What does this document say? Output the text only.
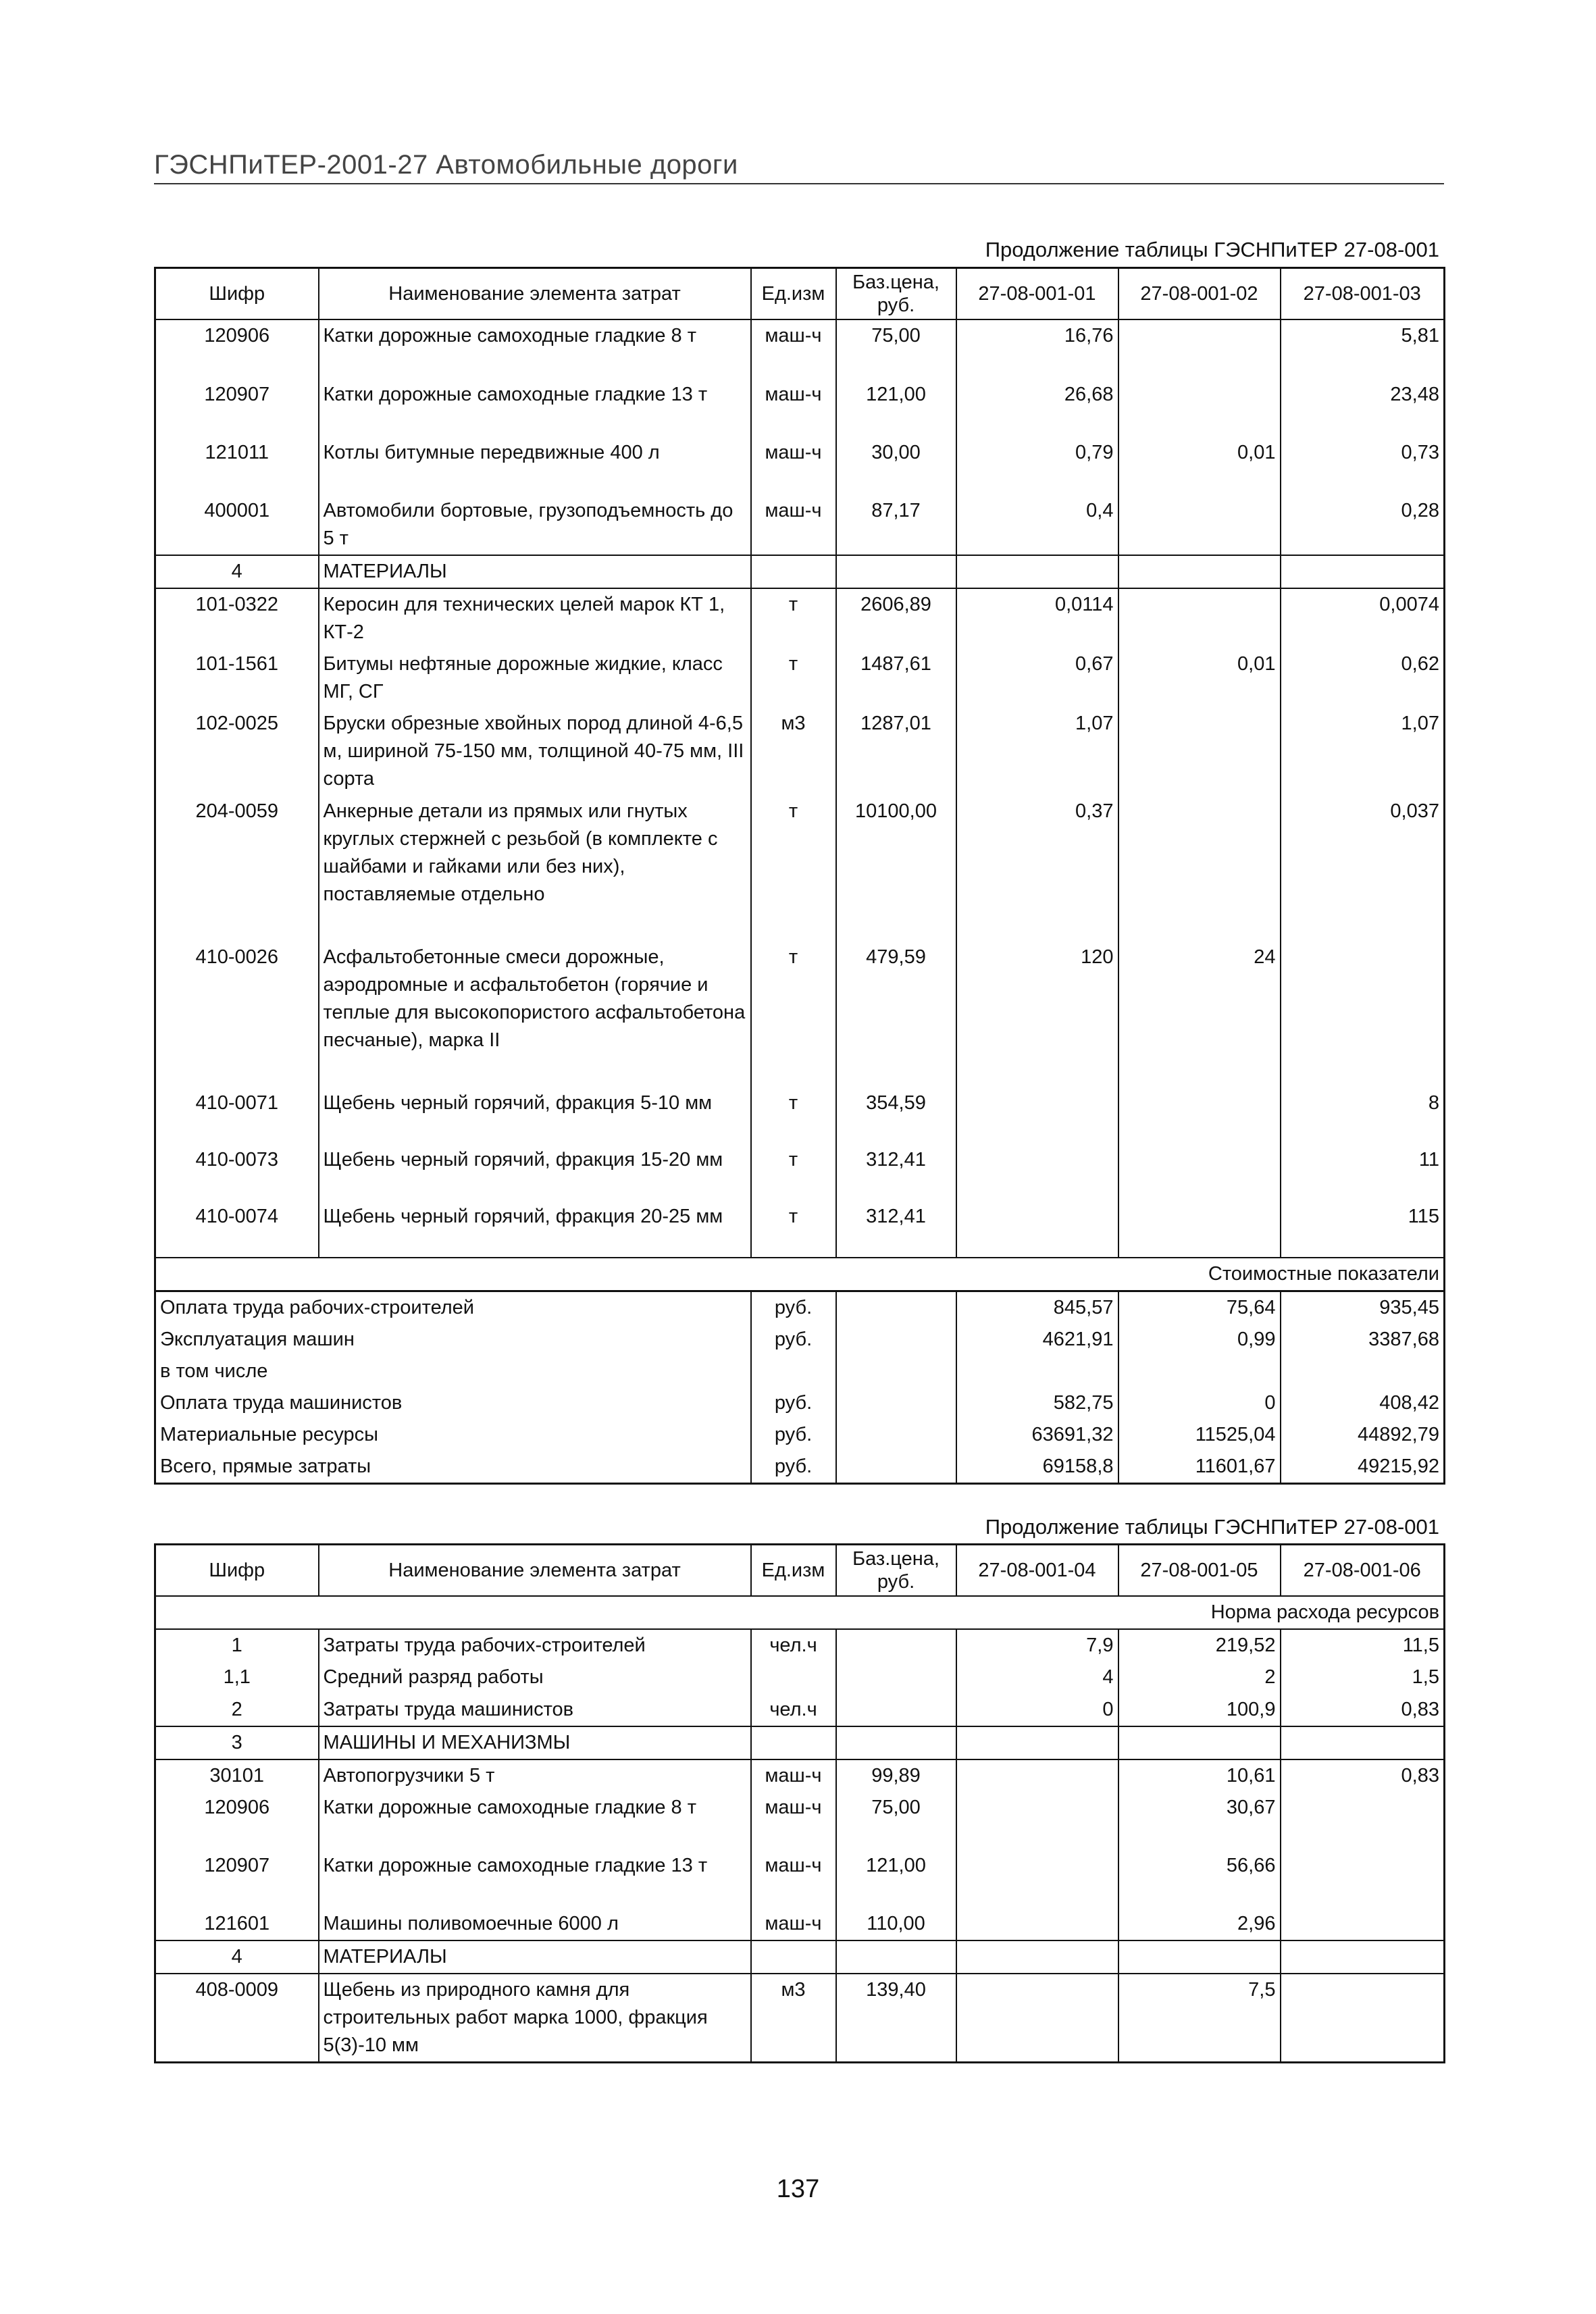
ГЭСНПиТЕР-2001-27 Автомобильные дороги
Продолжение таблицы ГЭСНПиТЕР 27-08-001
Шифр	Наименование элемента затрат	Ед.изм	Баз.цена, руб.	27-08-001-01	27-08-001-02	27-08-001-03
120906	Катки дорожные самоходные гладкие 8 т	маш-ч	75,00	16,76		5,81
120907	Катки дорожные самоходные гладкие 13 т	маш-ч	121,00	26,68		23,48
121011	Котлы битумные передвижные 400 л	маш-ч	30,00	0,79	0,01	0,73
400001	Автомобили бортовые, грузоподъемность до 5 т	маш-ч	87,17	0,4		0,28
4	МАТЕРИАЛЫ					
101-0322	Керосин для технических целей марок КТ 1, КТ-2	т	2606,89	0,0114		0,0074
101-1561	Битумы нефтяные дорожные жидкие, класс МГ, СГ	т	1487,61	0,67	0,01	0,62
102-0025	Бруски обрезные хвойных пород длиной 4-6,5 м, шириной 75-150 мм, толщиной 40-75 мм, III сорта	м3	1287,01	1,07		1,07
204-0059	Анкерные детали из прямых или гнутых круглых стержней с резьбой (в комплекте с шайбами и гайками или без них), поставляемые отдельно	т	10100,00	0,37		0,037
410-0026	Асфальтобетонные смеси дорожные, аэродромные и асфальтобетон (горячие и теплые для высокопористого асфальтобетона песчаные), марка II	т	479,59	120	24	
410-0071	Щебень черный горячий, фракция 5-10 мм	т	354,59			8
410-0073	Щебень черный горячий, фракция 15-20 мм	т	312,41			11
410-0074	Щебень черный горячий, фракция 20-25 мм	т	312,41			115
Стоимостные показатели						
Оплата труда рабочих-строителей		руб.		845,57	75,64	935,45
Эксплуатация машин		руб.		4621,91	0,99	3387,68
в том числе						
Оплата труда машинистов		руб.		582,75	0	408,42
Материальные ресурсы		руб.		63691,32	11525,04	44892,79
Всего, прямые затраты		руб.		69158,8	11601,67	49215,92
Продолжение таблицы ГЭСНПиТЕР 27-08-001
Шифр	Наименование элемента затрат	Ед.изм	Баз.цена, руб.	27-08-001-04	27-08-001-05	27-08-001-06
Норма расхода ресурсов						
1	Затраты труда рабочих-строителей	чел.ч		7,9	219,52	11,5
1,1	Средний разряд работы			4	2	1,5
2	Затраты труда машинистов	чел.ч		0	100,9	0,83
3	МАШИНЫ И МЕХАНИЗМЫ					
30101	Автопогрузчики 5 т	маш-ч	99,89		10,61	0,83
120906	Катки дорожные самоходные гладкие 8 т	маш-ч	75,00		30,67	
120907	Катки дорожные самоходные гладкие 13 т	маш-ч	121,00		56,66	
121601	Машины поливомоечные 6000 л	маш-ч	110,00		2,96	
4	МАТЕРИАЛЫ					
408-0009	Щебень из природного камня для строительных работ марка 1000, фракция 5(3)-10 мм	м3	139,40		7,5	
137
